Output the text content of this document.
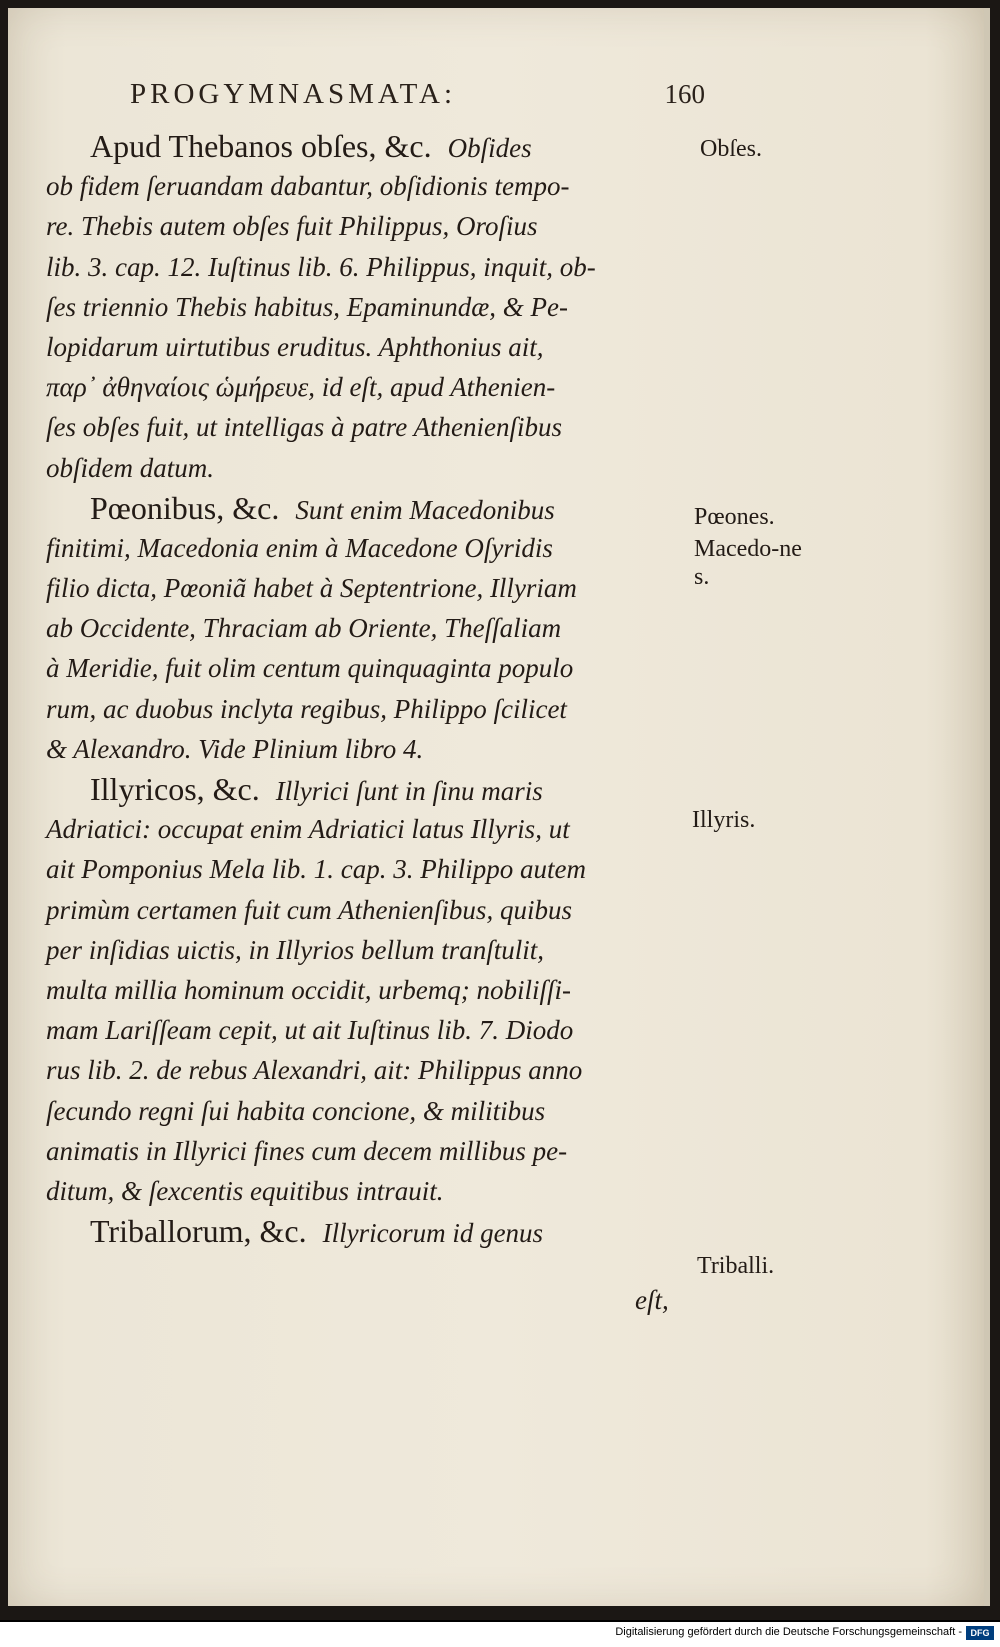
PROGYMNASMATA:	160
Apud Thebanos obſes, &c. Obſides
ob fidem ſeruandam dabantur, obſidionis tempo-
re. Thebis autem obſes fuit Philippus, Oroſius
lib. 3. cap. 12. Iuſtinus lib. 6. Philippus, inquit, ob-
ſes triennio Thebis habitus, Epaminundæ, & Pe-
lopidarum uirtutibus eruditus. Aphthonius ait,
παρ᾽ ἀθηναίοις ὡμήρευε, id eſt, apud Athenien-
ſes obſes fuit, ut intelligas à patre Athenienſibus
obſidem datum.
Pœonibus, &c. Sunt enim Macedonibus
finitimi, Macedonia enim à Macedone Oſyridis
filio dicta, Pœoniã habet à Septentrione, Illyriam
ab Occidente, Thraciam ab Oriente, Theſſaliam
à Meridie, fuit olim centum quinquaginta populo
rum, ac duobus inclyta regibus, Philippo ſcilicet
& Alexandro. Vide Plinium libro 4.
Illyricos, &c. Illyrici ſunt in ſinu maris
Adriatici: occupat enim Adriatici latus Illyris, ut
ait Pomponius Mela lib. 1. cap. 3. Philippo autem
primùm certamen fuit cum Athenienſibus, quibus
per inſidias uictis, in Illyrios bellum tranſtulit,
multa millia hominum occidit, urbemq; nobiliſſi-
mam Lariſſeam cepit, ut ait Iuſtinus lib. 7. Diodo
rus lib. 2. de rebus Alexandri, ait: Philippus anno
ſecundo regni ſui habita concione, & militibus
animatis in Illyrici fines cum decem millibus pe-
ditum, & ſexcentis equitibus intrauit.
Triballorum, &c. Illyricorum id genus
eſt,
Obſes.
Pœones.
Macedo-nes.
Illyris.
Triballi.
Digitalisierung gefördert durch die Deutsche Forschungsgemeinschaft - DFG
